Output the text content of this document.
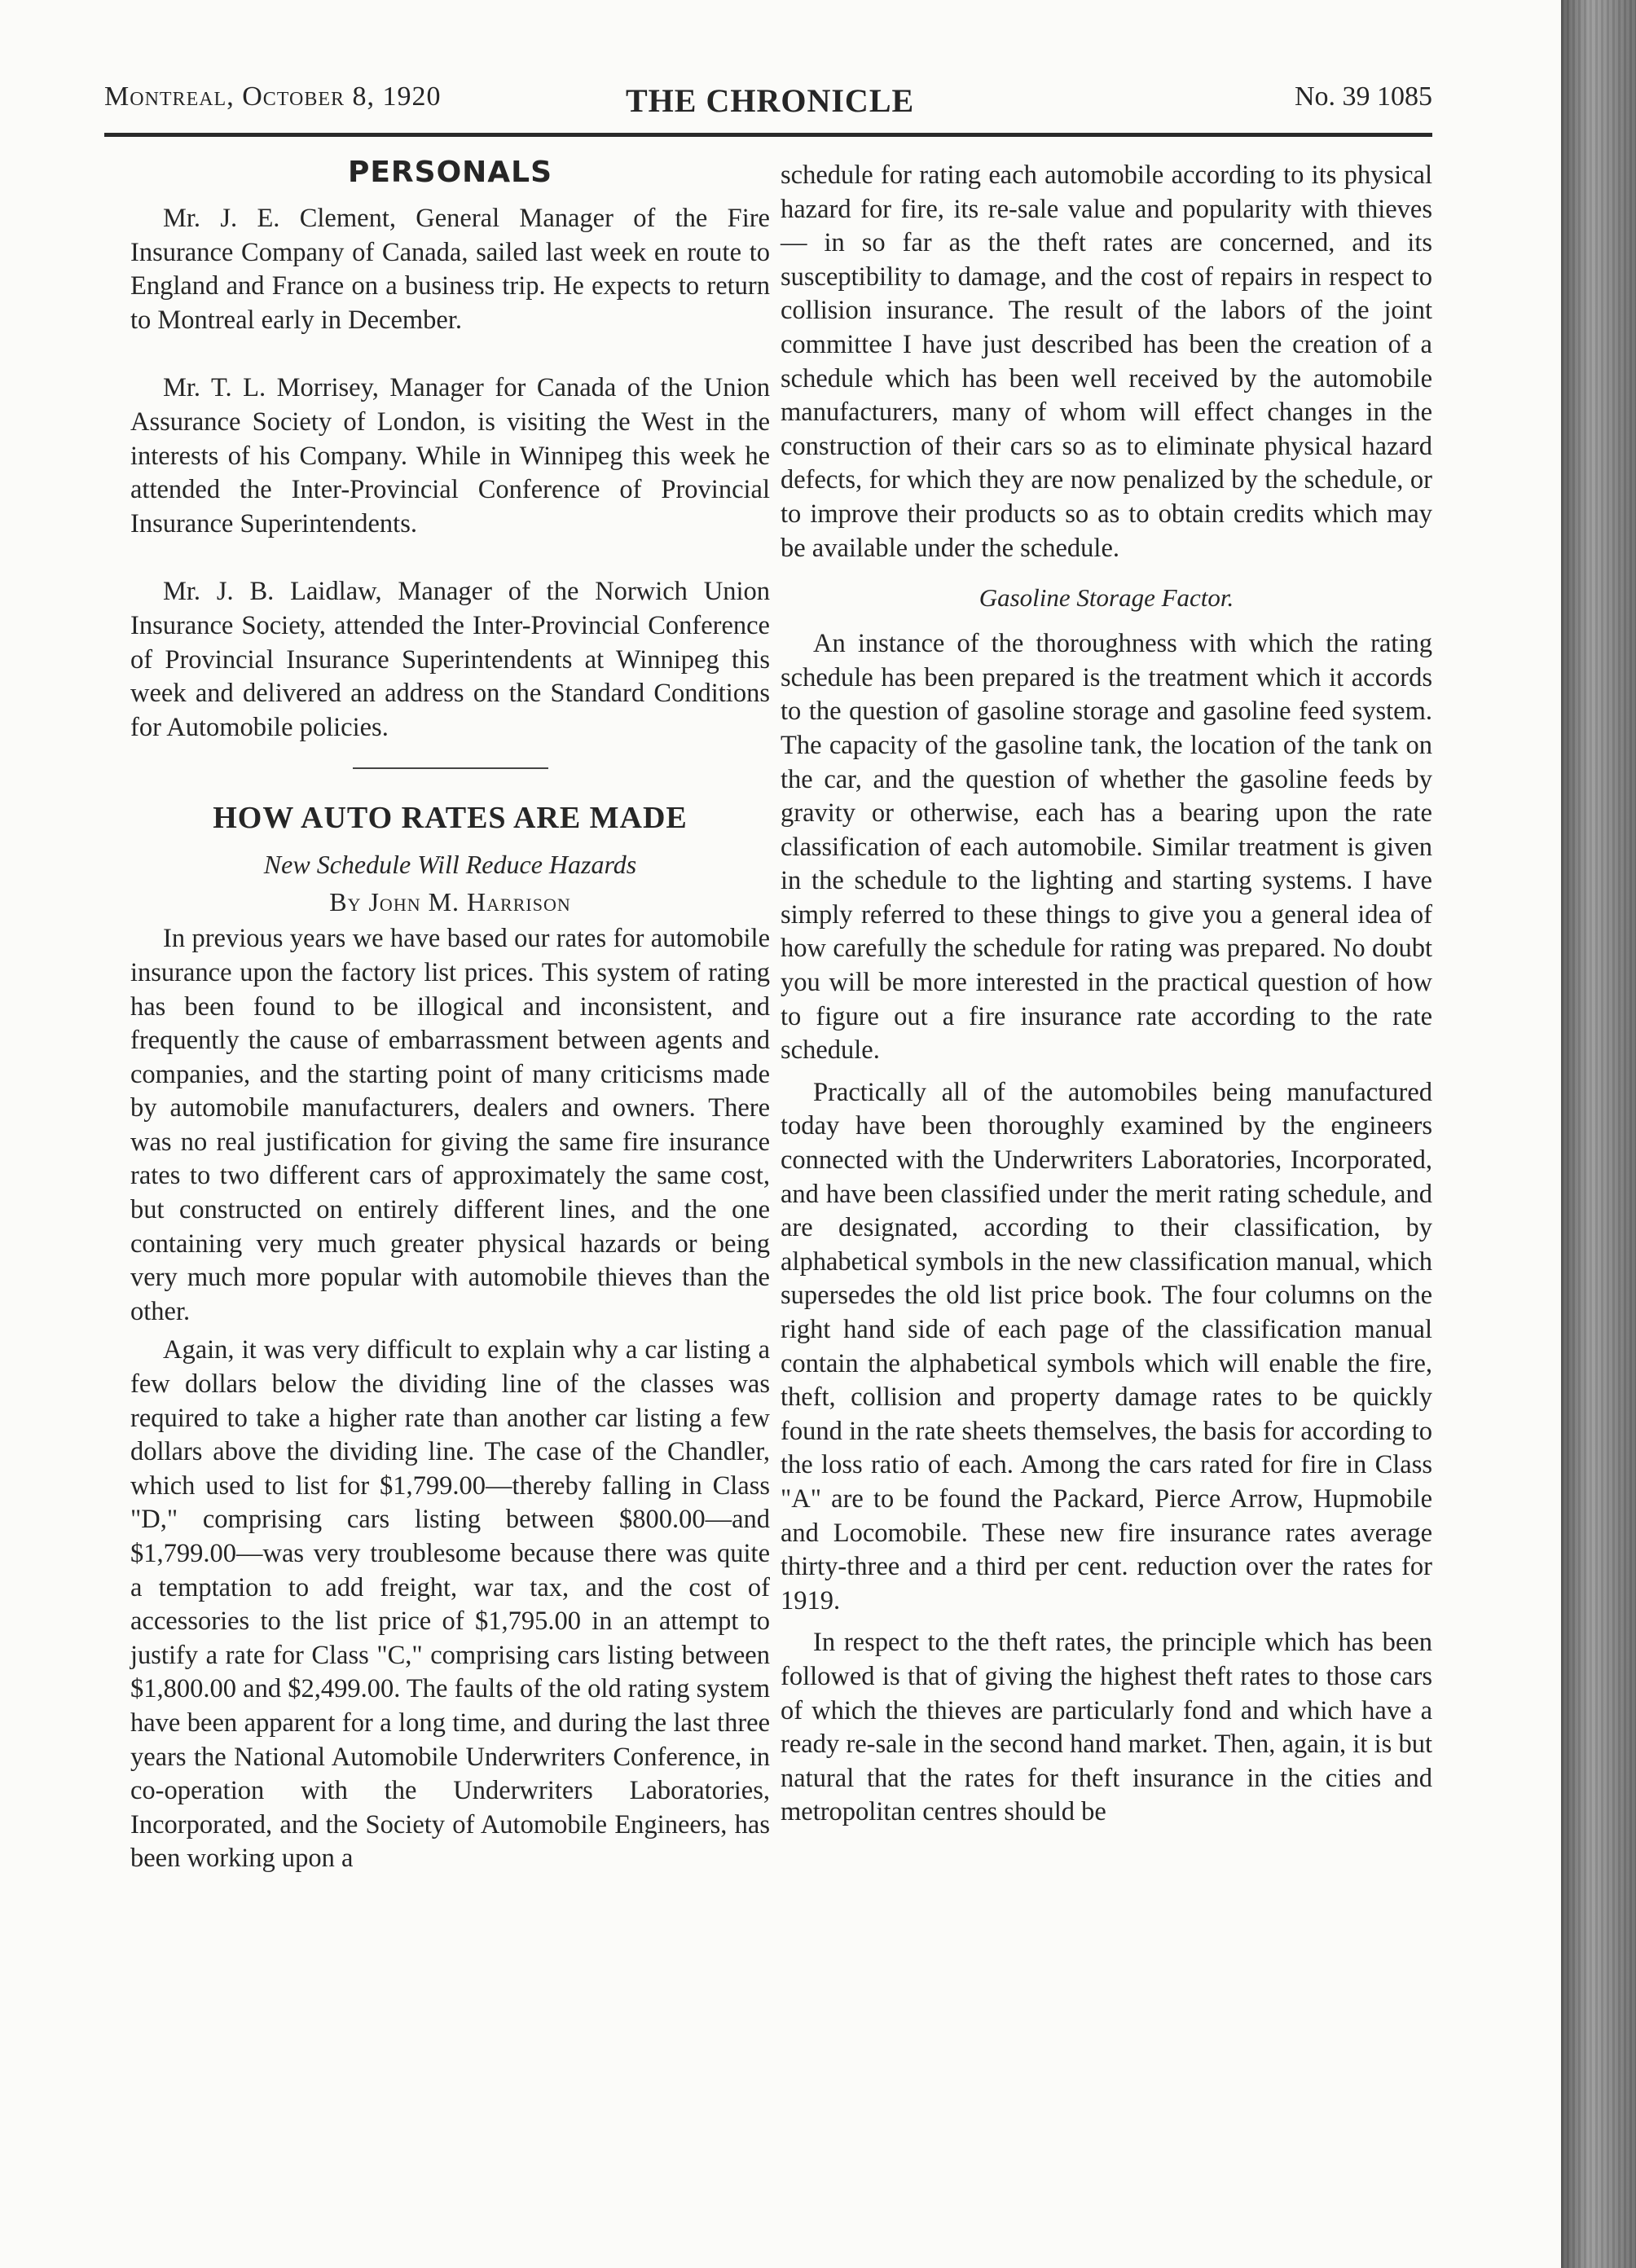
Montreal, October 8, 1920	THE CHRONICLE	No. 39 1085
PERSONALS

Mr. J. E. Clement, General Manager of the Fire Insurance Company of Canada, sailed last week en route to England and France on a business trip. He expects to return to Montreal early in December.

Mr. T. L. Morrisey, Manager for Canada of the Union Assurance Society of London, is visiting the West in the interests of his Company. While in Winnipeg this week he attended the Inter-Provincial Conference of Provincial Insurance Superintendents.

Mr. J. B. Laidlaw, Manager of the Norwich Union Insurance Society, attended the Inter-Provincial Conference of Provincial Insurance Superintendents at Winnipeg this week and delivered an address on the Standard Conditions for Automobile policies.

HOW AUTO RATES ARE MADE
New Schedule Will Reduce Hazards
By John M. Harrison

In previous years we have based our rates for automobile insurance upon the factory list prices. This system of rating has been found to be illogical and inconsistent, and frequently the cause of embarrassment between agents and companies, and the starting point of many criticisms made by automobile manufacturers, dealers and owners. There was no real justification for giving the same fire insurance rates to two different cars of approximately the same cost, but constructed on entirely different lines, and the one containing very much greater physical hazards or being very much more popular with automobile thieves than the other.

Again, it was very difficult to explain why a car listing a few dollars below the dividing line of the classes was required to take a higher rate than another car listing a few dollars above the dividing line. The case of the Chandler, which used to list for $1,799.00—thereby falling in Class "D," comprising cars listing between $800.00—and $1,799.00—was very troublesome because there was quite a temptation to add freight, war tax, and the cost of accessories to the list price of $1,795.00 in an attempt to justify a rate for Class "C," comprising cars listing between $1,800.00 and $2,499.00. The faults of the old rating system have been apparent for a long time, and during the last three years the National Automobile Underwriters Conference, in co-operation with the Underwriters Laboratories, Incorporated, and the Society of Automobile Engineers, has been working upon a

schedule for rating each automobile according to its physical hazard for fire, its re-sale value and popularity with thieves— in so far as the theft rates are concerned, and its susceptibility to damage, and the cost of repairs in respect to collision insurance. The result of the labors of the joint committee I have just described has been the creation of a schedule which has been well received by the automobile manufacturers, many of whom will effect changes in the construction of their cars so as to eliminate physical hazard defects, for which they are now penalized by the schedule, or to improve their products so as to obtain credits which may be available under the schedule.

Gasoline Storage Factor.

An instance of the thoroughness with which the rating schedule has been prepared is the treatment which it accords to the question of gasoline storage and gasoline feed system. The capacity of the gasoline tank, the location of the tank on the car, and the question of whether the gasoline feeds by gravity or otherwise, each has a bearing upon the rate classification of each automobile. Similar treatment is given in the schedule to the lighting and starting systems. I have simply referred to these things to give you a general idea of how carefully the schedule for rating was prepared. No doubt you will be more interested in the practical question of how to figure out a fire insurance rate according to the rate schedule.

Practically all of the automobiles being manufactured today have been thoroughly examined by the engineers connected with the Underwriters Laboratories, Incorporated, and have been classified under the merit rating schedule, and are designated, according to their classification, by alphabetical symbols in the new classification manual, which supersedes the old list price book. The four columns on the right hand side of each page of the classification manual contain the alphabetical symbols which will enable the fire, theft, collision and property damage rates to be quickly found in the rate sheets themselves, the basis for according to the loss ratio of each. Among the cars rated for fire in Class "A" are to be found the Packard, Pierce Arrow, Hupmobile and Locomobile. These new fire insurance rates average thirty-three and a third per cent. reduction over the rates for 1919.

In respect to the theft rates, the principle which has been followed is that of giving the highest theft rates to those cars of which the thieves are particularly fond and which have a ready re-sale in the second hand market. Then, again, it is but natural that the rates for theft insurance in the cities and metropolitan centres should be
